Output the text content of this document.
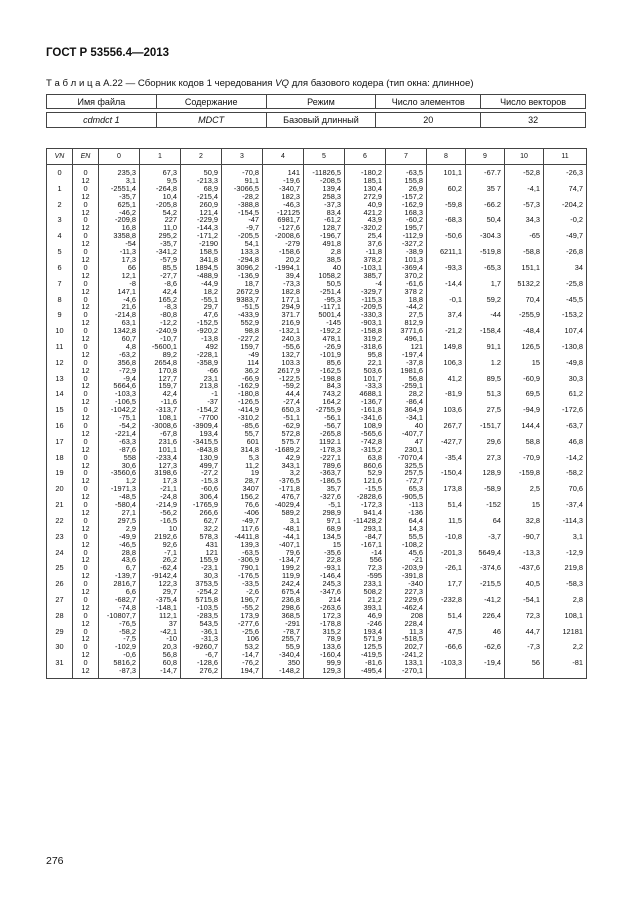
ГОСТ Р 53556.4—2013
Т а б л и ц а А.22 — Сборник кодов 1 чередования VQ для базового кодера (тип окна: длинное)
Имя файла	Содержание	Режим	Число элементов	Число векторов

cdmdct 1	MDCT	Базовый длинный	20	32
VN	EN	0	1	2	3	4	5	6	7	8	9	10	11
0	0	235,3	67,3	50,9	-70,8	141	-11826,5	-180,2	-63,5	101,1	-67.7	-52,8	-26,3
	12	3,1	9,5	-213,3	91,1	-19,6	-208,5	185,1	155,8				
1	0	-2551,4	-264,8	68,9	-3066,5	-340,7	139,4	130,4	26,9	60,2	35 7	-4,1	74,7
	12	-35,7	10,4	-215,4	-28,2	182,3	258,3	272,9	-157,2				
2	0	625,1	-205,8	260,9	-388,8	-46,3	-37,3	40,9	-162,9	-59,8	-66.2	-57,3	-204,2
	12	-46,2	54,2	121,4	-154,5	-12125	83,4	421,2	168,3				
3	0	-209,8	227	-229,9	-47	6981,7	-61,2	43,9	-60,2	-68,3	50,4	34,3	-0,2
	12	16,8	11,0	-144,3	-9,7	-127,6	128,7	-320,2	195,7				
4	0	3358,8	295,2	-171,2	-205,5	-2008,6	-196,7	25,4	-112,9	-50,6	-304.3	-65	-49,7
	12	-54	-35,7	-2190	54,1	-279	491,8	37,6	-327,2				
5	0	-11,3	-341,2	158,5	133,3	-158,6	2,8	-11,8	-38,9	6211,1	-519,8	-58,8	-26,8
	12	17,3	-57,9	341,8	-294,8	20,2	38,5	378,2	101,3				
6	0	66	85,5	1894,5	3096,2	-1994,1	40	-103,1	-369,4	-93,3	-65,3	151,1	34
	12	12,1	-27,7	-488,9	-136,9	39,4	1058,2	385,7	370,2				
7	0	-8	-8,6	-44,9	18,7	-73,3	50,5	-4	-61,6	-14,4	1,7	5132,2	-25,8
	12	147,1	42,4	18,2	2672,9	182,8	-251,4	-329,7	378 2				
8	0	-4,6	165,2	-55,1	9383,7	177,1	-95,3	-115,3	18,8	-0,1	59,2	70,4	-45,5
	12	21,6	-8,3	29,7	-51,5	294,9	-117,1	-209,5	-44,2				
9	0	-214,8	-80,8	47,6	-433,9	371.7	5001,4	-330,3	27,5	37,4	-44	-255,9	-153,2
	12	63,1	-12,2	-152,5	552,9	216,9	-145	-903,1	812,9				
10	0	1342,8	-240,9	-920,2	98,8	-132,1	-192,2	-158,8	3771,6	-21,2	-158,4	-48,4	107,4
	12	60,7	-10,7	-13,8	-227,2	240,3	478,1	319,2	496,1				
11	0	4,8	-5600,1	492	159,7	-55,6	-26,9	-318,6	121	149,8	91,1	126,5	-130,8
	12	-63,2	89,2	-228,1	-49	132,7	-101,9	95,8	-197,4				
12	0	356,8	2654,8	-358,9	114	103.3	85,6	22,1	-37,8	106,3	1.2	15	-49,8
	12	-72,9	170,8	-66	36,2	2617,9	-162,5	503,6	1981,6				
13	0	-9,4	127,7	23,1	-66,9	-122,5	-198,8	101,7	56,8	41,2	89,5	-60,9	30,3
	12	5664,6	159,7	213,8	-162,9	-59,2	84,3	-33,3	-259,1				
14	0	-103,3	42,4	-1	-180,8	44,4	743,2	4688,1	28,2	-81,9	51,3	69,5	61,2
	12	-106,5	-11,6	-37	-126,5	-27,4	164,2	-136,7	-86,4				
15	0	-1042,2	-313,7	-154,2	-414,9	650,3	-2755,9	-161,8	364,9	103,6	27,5	-94,9	-172,6
	12	-75,1	108,1	-7700	-310,2	-51,1	-56,1	-341,6	-34,1				
16	0	-54,2	-3008,6	-3909,4	-85,6	-62,9	-56,7	108,9	40	267,7	-151,7	144,4	-63,7
	12	-221,4	-67,8	193,4	55,7	572,8	-265,8	-565,6	-407,7				
17	0	-63,3	231,6	-3415,5	601	575.7	1192.1	-742,8	47	-427,7	29,6	58,8	46,8
	12	-87,6	101,1	-843,8	314,8	-1689,2	-178,3	-315,2	230,1				
18	0	558	-233,4	130,9	5,3	42,9	-227,1	63,8	-7070,4	-35,4	27,3	-70,9	-14,2
	12	30,6	127,3	499,7	11,2	343,1	789,6	860,6	325,5				
19	0	-3560,6	3198,6	-27,2	19	3,2	-363,7	52,9	257,5	-150,4	128,9	-159,8	-58,2
	12	1,2	17,3	-15,3	28,7	-376,5	-186,5	121,6	-72,7				
20	0	-1971,3	-21,1	-60,6	3407	-171,8	35,7	-15,5	65,3	173,8	-58,9	2,5	70,6
	12	-48,5	-24,8	306,4	156,2	476,7	-327,6	-2828,6	-905,5				
21	0	-580,4	-214,9	-1765,9	76,6	-4029,4	-5,1	-172,3	-113	51,4	-152	15	-37,4
	12	27,1	-56,2	266,6	-406	589,2	298,9	941,4	-136				
22	0	297,5	-16,5	62,7	-49,7	3,1	97,1	-11428,2	64,4	11,5	64	32,8	-114,3
	12	2,9	10	32,2	117,6	-48,1	68,9	293,1	14,3				
23	0	-49,9	2192,6	578,3	-4411,8	-44,1	134,5	-84,7	55,5	-10,8	-3,7	-90,7	3,1
	12	-46,5	92,6	431	139,3	-407,1	15	-167,1	-108,2				
24	0	28,8	-7,1	121	-63,5	79,6	-35,6	-14	45,6	-201,3	5649,4	-13,3	-12,9
	12	43,6	26,2	155,9	-306,9	-134,7	22,8	556	-21				
25	0	6,7	-62,4	-23,1	790,1	199,2	-93,1	72,3	-203,9	-26,1	-374,6	-437,6	219,8
	12	-139,7	-9142,4	30,3	-176,5	119,9	-146,4	-595	-391,8				
26	0	2816,7	122,3	3753,5	-33,5	242,4	245,3	233,1	-340	17,7	-215,5	40,5	-58,3
	12	6,6	29,7	-254,2	-2,6	675,4	-347,6	508,2	227,3				
27	0	-682,7	-375,4	5715,8	196,7	236,8	214	21,2	229,6	-232,8	-41,2	-54,1	2,8
	12	-74,8	-148,1	-103,5	-55,2	298,6	-263,6	393,1	-462,4				
28	0	-10807,7	112,1	-283,5	173,9	368,5	172,3	46,9	208	51,4	226,4	72,3	108,1
	12	-76,5	37	543,5	-277,6	-291	-178,8	-246	228,4				
29	0	-58,2	-42,1	-36,1	-25,6	-78,7	315,2	193,4	11,3	47,5	46	44,7	12181
	12	-7,5	-10	-31,3	106	255,7	78,9	571,9	-518,5				
30	0	-102,9	20,3	-9260,7	53,2	55,9	133,6	125,5	202,7	-66,6	-62,6	-7,3	2,2
	12	-0,6	56,8	-6,7	-14,7	-340,4	-160,4	-419,5	-241,2				
31	0	5816,2	60,8	-128,6	-76,2	350	99,9	-81,6	133,1	-103,3	-19,4	56	-81
	12	-87,3	-14,7	276,2	194,7	-148,2	129,3	-495,4	-270,1				
276
